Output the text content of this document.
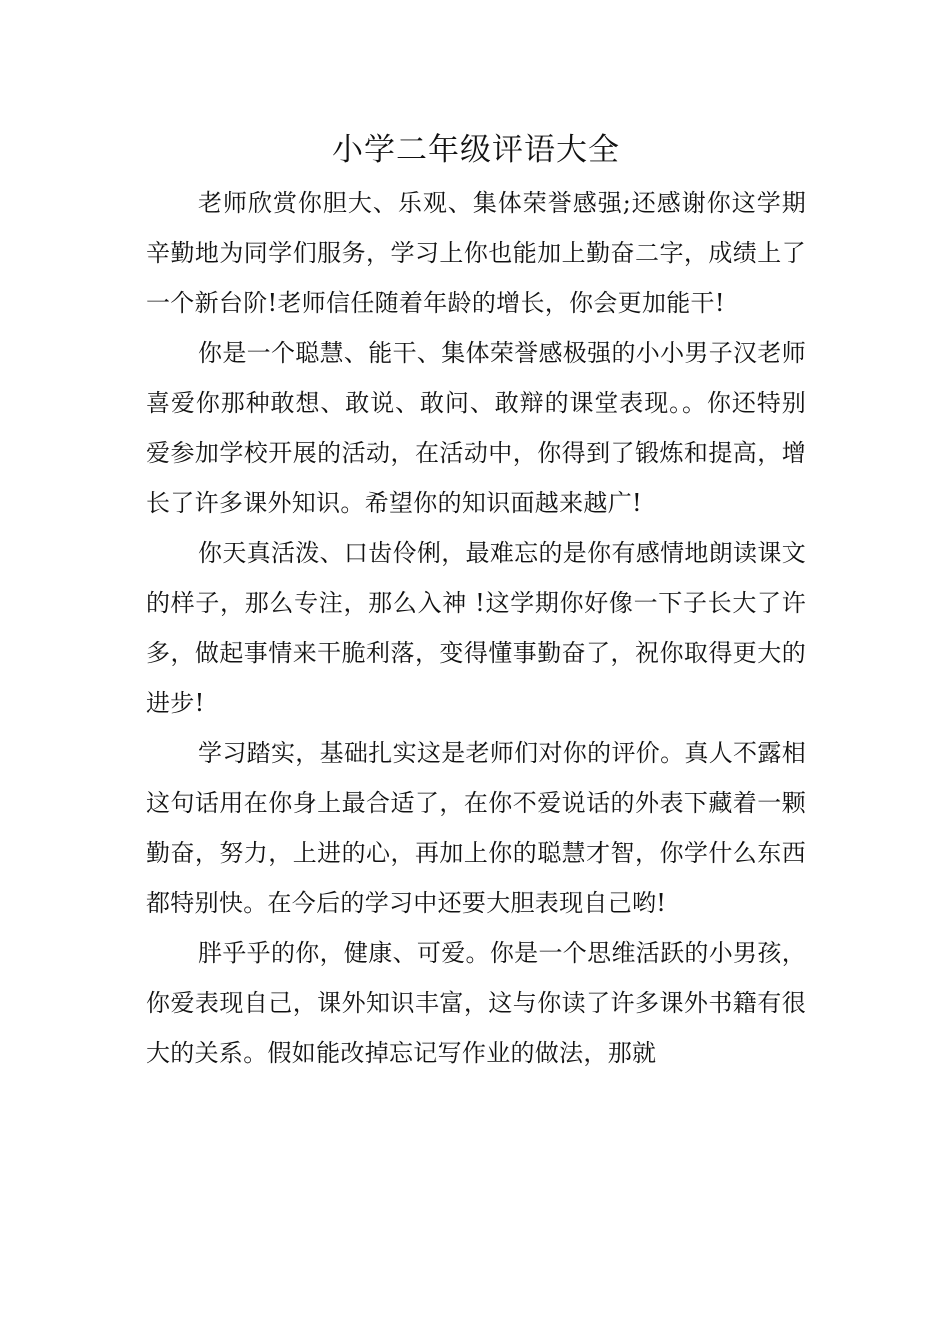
小学二年级评语大全

老师欣赏你胆大、乐观、集体荣誉感强;还感谢你这学期辛勤地为同学们服务，学习上你也能加上勤奋二字，成绩上了一个新台阶!老师信任随着年龄的增长，你会更加能干!

你是一个聪慧、能干、集体荣誉感极强的小小男子汉老师喜爱你那种敢想、敢说、敢问、敢辩的课堂表现。。你还特别爱参加学校开展的活动，在活动中，你得到了锻炼和提高，增长了许多课外知识。希望你的知识面越来越广!

你天真活泼、口齿伶俐，最难忘的是你有感情地朗读课文的样子，那么专注，那么入神 !这学期你好像一下子长大了许多，做起事情来干脆利落，变得懂事勤奋了，祝你取得更大的进步!

学习踏实，基础扎实这是老师们对你的评价。真人不露相这句话用在你身上最合适了，在你不爱说话的外表下藏着一颗勤奋，努力，上进的心，再加上你的聪慧才智，你学什么东西都特别快。在今后的学习中还要大胆表现自己哟!

胖乎乎的你，健康、可爱。你是一个思维活跃的小男孩，你爱表现自己，课外知识丰富，这与你读了许多课外书籍有很大的关系。假如能改掉忘记写作业的做法，那就
